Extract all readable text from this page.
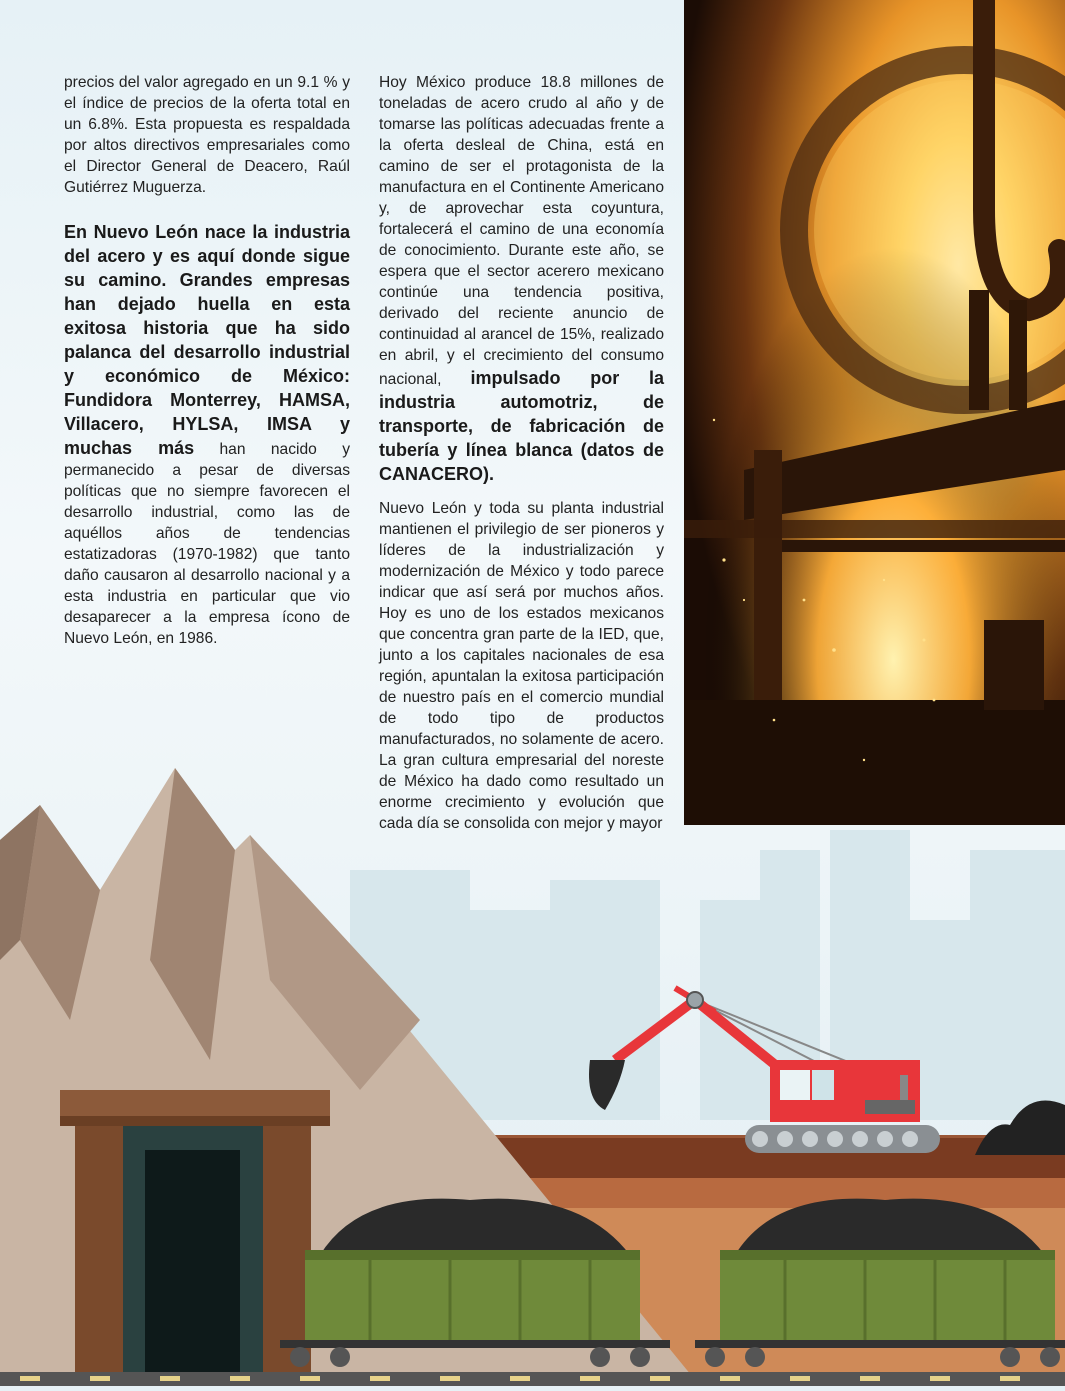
precios del valor agregado en un 9.1 % y el índice de precios de la oferta total en un 6.8%. Esta propuesta es respaldada por altos directivos empresariales como el Director General de Deacero, Raúl Gutiérrez Muguerza.

En Nuevo León nace la industria del acero y es aquí donde sigue su camino. Grandes empresas han dejado huella en esta exitosa historia que ha sido palanca del desarrollo industrial y económico de México: Fundidora Monterrey, HAMSA, Villacero, HYLSA, IMSA y muchas más han nacido y permanecido a pesar de diversas políticas que no siempre favorecen el desarrollo industrial, como las de aquéllos años de tendencias estatizadoras (1970-1982) que tanto daño causaron al desarrollo nacional y a esta industria en particular que vio desaparecer a la empresa ícono de Nuevo León, en 1986.

Hoy México produce 18.8 millones de toneladas de acero crudo al año y de tomarse las políticas adecuadas frente a la oferta desleal de China, está en camino de ser el protagonista de la manufactura en el Continente Americano y, de aprovechar esta coyuntura, fortalecerá el camino de una economía de conocimiento. Durante este año, se espera que el sector acerero mexicano continúe una tendencia positiva, derivado del reciente anuncio de continuidad al arancel de 15%, realizado en abril, y el crecimiento del consumo nacional, impulsado por la industria automotriz, de transporte, de fabricación de tubería y línea blanca (datos de CANACERO).

Nuevo León y toda su planta industrial mantienen el privilegio de ser pioneros y líderes de la industrialización y modernización de México y todo parece indicar que así será por muchos años. Hoy es uno de los estados mexicanos que concentra gran parte de la IED, que, junto a los capitales nacionales de esa región, apuntalan la exitosa participación de nuestro país en el comercio mundial de todo tipo de productos manufacturados, no solamente de acero. La gran cultura empresarial del noreste de México ha dado como resultado un enorme crecimiento y evolución que cada día se consolida con mejor y mayor
